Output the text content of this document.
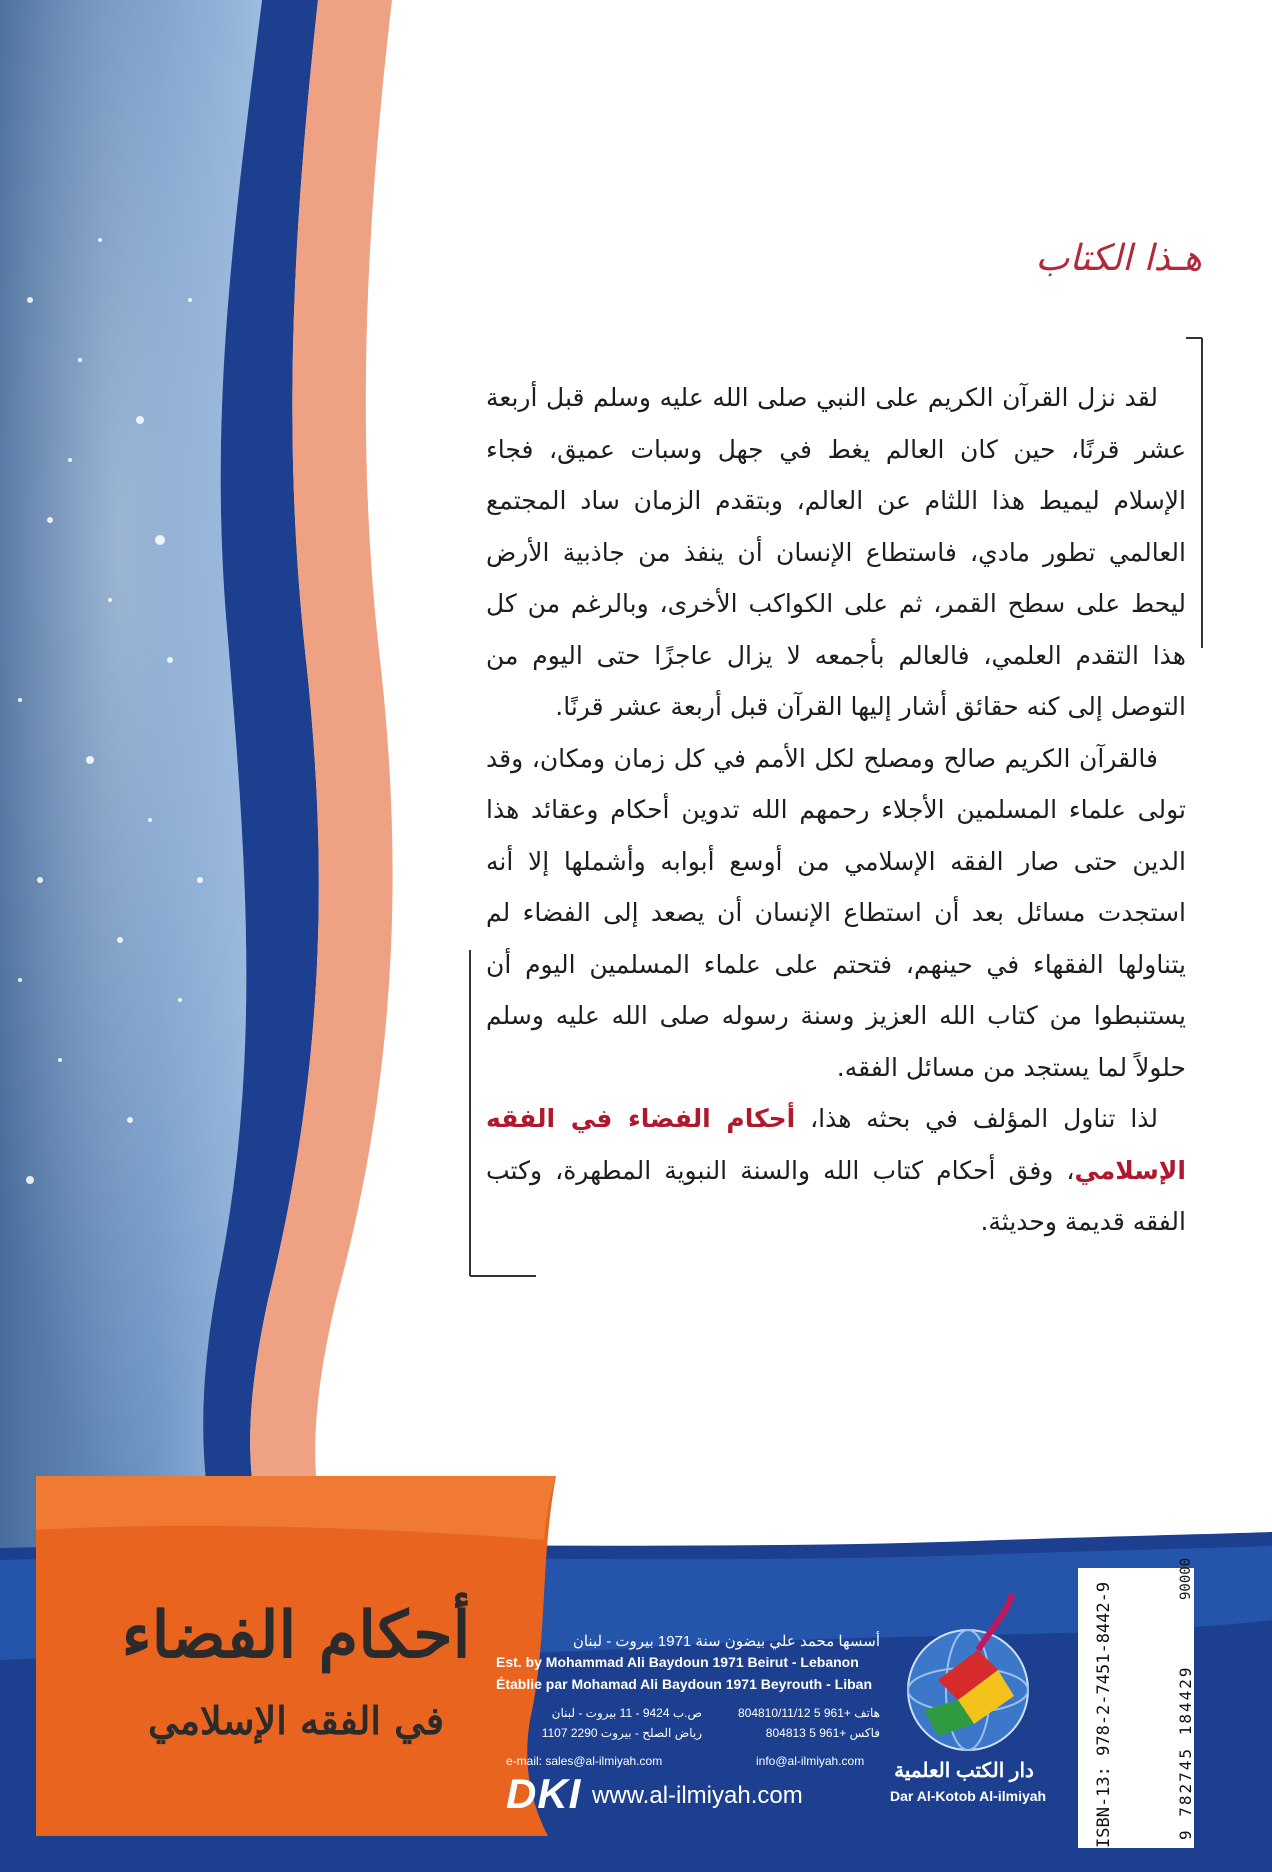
ISBN-13: 978-2-7451-8442-9	9 782745 184429
90000
هـذا الكتاب

لقد نزل القرآن الكريم على النبي صلى الله عليه وسلم قبل أربعة عشر قرنًا، حين كان العالم يغط في جهل وسبات عميق، فجاء الإسلام ليميط هذا اللثام عن العالم، وبتقدم الزمان ساد المجتمع العالمي تطور مادي، فاستطاع الإنسان أن ينفذ من جاذبية الأرض ليحط على سطح القمر، ثم على الكواكب الأخرى، وبالرغم من كل هذا التقدم العلمي، فالعالم بأجمعه لا يزال عاجزًا حتى اليوم من التوصل إلى كنه حقائق أشار إليها القرآن قبل أربعة عشر قرنًا.

فالقرآن الكريم صالح ومصلح لكل الأمم في كل زمان ومكان، وقد تولى علماء المسلمين الأجلاء رحمهم الله تدوين أحكام وعقائد هذا الدين حتى صار الفقه الإسلامي من أوسع أبوابه وأشملها إلا أنه استجدت مسائل بعد أن استطاع الإنسان أن يصعد إلى الفضاء لم يتناولها الفقهاء في حينهم، فتحتم على علماء المسلمين اليوم أن يستنبطوا من كتاب الله العزيز وسنة رسوله صلى الله عليه وسلم حلولاً لما يستجد من مسائل الفقه.

لذا تناول المؤلف في بحثه هذا، أحكام الفضاء في الفقه الإسلامي، وفق أحكام كتاب الله والسنة النبوية المطهرة، وكتب الفقه قديمة وحديثة.

أحكام الفضاء
في الفقه الإسلامي
أسسها محمد علي بيضون سنة 1971 بيروت - لبنان
Est. by Mohammad Ali Baydoun 1971 Beirut - Lebanon
Établie par Mohamad Ali Baydoun 1971 Beyrouth - Liban
هاتف +961 5 804810/11/12
فاكس +961 5 804813
ص.ب 9424 - 11 بيروت - لبنان
رياض الصلح - بيروت 2290 1107
e-mail: sales@al-ilmiyah.com	info@al-ilmiyah.com
DKI www.al-ilmiyah.com
دار الكتب العلمية
Dar Al-Kotob Al-ilmiyah
